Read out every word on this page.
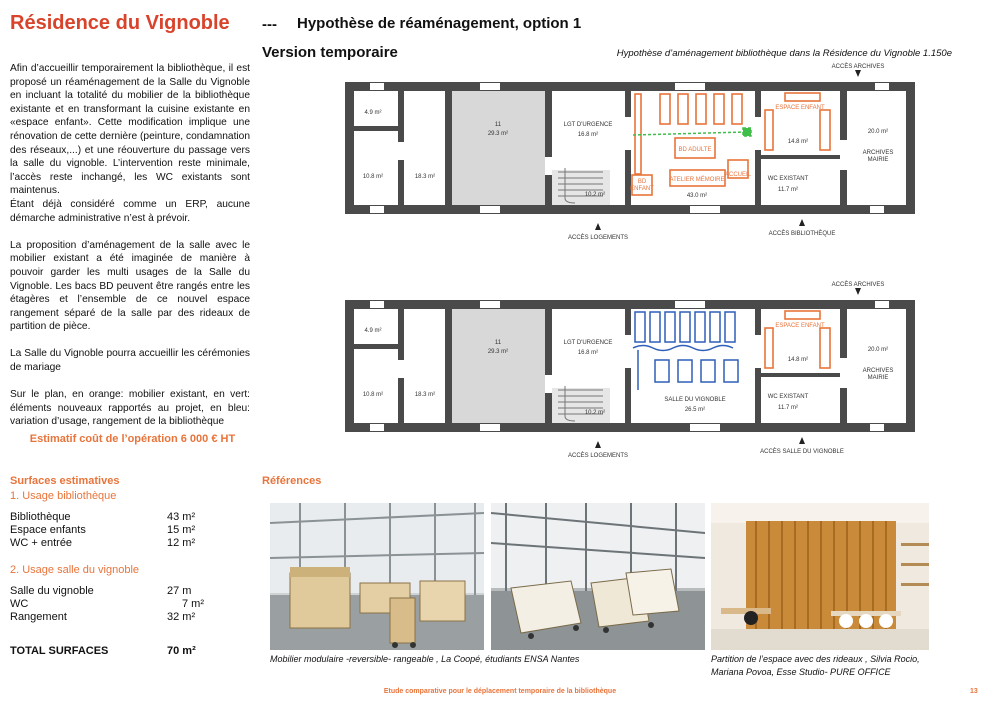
Résidence du Vignoble --- Hypothèse de réaménagement, option 1
Version temporaire	Hypothèse d’aménagement bibliothèque dans la Résidence du Vignoble 1.150e

Afin d’accueillir temporairement la bibliothèque, il est proposé un réaménagement de la Salle du Vignoble en incluant la totalité du mobilier de la bibliothèque existante et en transformant la cuisine existante en «espace enfant». Cette modification implique une rénovation de cette dernière (peinture, condamnation des réseaux,...) et une réouverture du passage vers la salle du vignoble. L’intervention reste minimale, l’accès reste inchangé, les WC existants sont maintenus.
Étant déjà considéré comme un ERP, aucune démarche administrative n’est à prévoir.

La proposition d’aménagement de la salle avec le mobilier existant a été imaginée de manière à pouvoir garder les multi usages de la Salle du Vignoble. Les bacs BD peuvent être rangés entre les étagères et l’ensemble de ce nouvel espace rangement séparé de la salle par des rideaux de partition de pièce.

La Salle du Vignoble pourra accueillir les cérémonies de mariage

Sur le plan, en orange: mobilier existant, en vert: éléments nouveaux rapportés au projet, en bleu: variation d’usage, rangement de la bibliothèque

Estimatif coût de l’opération 6 000 € HT
Surfaces estimatives
1. Usage bibliothèque
Bibliothèque	43 m²
Espace enfants	15 m²
WC + entrée	12 m²
2. Usage salle du vignoble
Salle du vignoble	27 m
WC	7 m²
Rangement	32 m²
TOTAL SURFACES	70 m²
Références
Mobilier modulaire -reversible- rangeable , La Coopé, étudiants ENSA Nantes	Partition de l’espace avec des rideaux , Silvia Rocio,
Mariana Povoa, Esse Studio- PURE OFFICE
Etude comparative pour le déplacement temporaire de la bibliothèque	13
4.9 m²
10.8 m²	18.3 m²
11
29.3 m²
LGT D'URGENCE
16.8 m²
10.2 m²
BD ADULTE
BD
ENFANT
ATELIER MÉMOIRE
43.0 m²
ACCUEIL
ESPACE ENFANT
14.8 m²
WC EXISTANT
11.7 m²
20.0 m²
ARCHIVES
MAIRIE
ACCÈS ARCHIVES
ACCÈS LOGEMENTS
ACCÈS BIBLIOTHÈQUE
4.9 m²
10.8 m²	18.3 m²
11
29.3 m²
LGT D'URGENCE
16.8 m²
10.2 m²
SALLE DU VIGNOBLE
26.5 m²
ESPACE ENFANT
14.8 m²
WC EXISTANT
11.7 m²
20.0 m²
ARCHIVES
MAIRIE
ACCÈS ARCHIVES
ACCÈS LOGEMENTS
ACCÈS SALLE DU VIGNOBLE
